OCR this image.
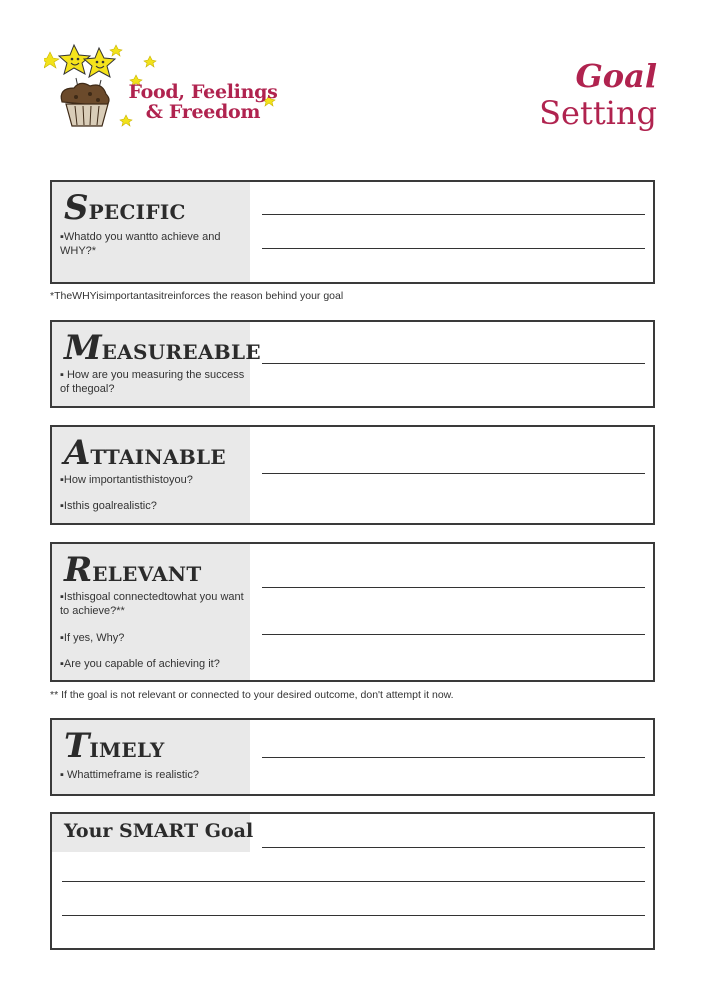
Food, Feelings
& Freedom
Goal
Setting
SPECIFIC
▪Whatdo you wantto achieve and WHY?*
*TheWHYisimportantasitreinforces the reason behind your goal
MEASUREABLE
▪ How are you measuring the success of thegoal?
ATTAINABLE
▪How importantisthistoyou?
▪Isthis goalrealistic?
RELEVANT
▪Isthisgoal connectedtowhat you want to achieve?**
▪If yes, Why?
▪Are you capable of achieving it?
** If the goal is not relevant or connected to your desired outcome, don't attempt it now.
TIMELY
▪ Whattimeframe is realistic?
Your SMART Goal
